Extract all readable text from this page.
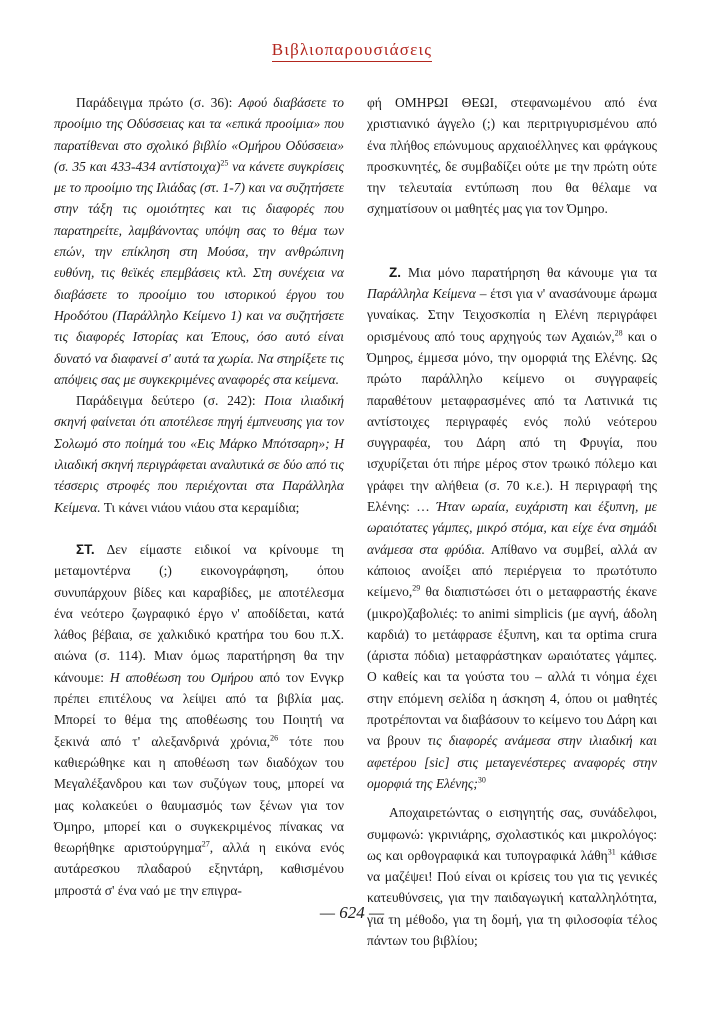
Βιβλιοπαρουσιάσεις

Παράδειγμα πρώτο (σ. 36): Αφού διαβάσετε το προοίμιο της Οδύσσειας και τα «επικά προοίμια» που παρατίθεναι στο σχολικό βιβλίο «Ομήρου Οδύσσεια» (σ. 35 και 433-434 αντίστοιχα)$^{25}$ να κάνετε συγκρίσεις με το προοίμιο της Ιλιάδας (στ. 1-7) και να συζητήσετε στην τάξη τις ομοιότητες και τις διαφορές που παρατηρείτε, λαμβάνοντας υπόψη σας το θέμα των επών, την επίκληση στη Μούσα, την ανθρώπινη ευθύνη, τις θεϊκές επεμβάσεις κτλ. Στη συνέχεια να διαβάσετε το προοίμιο του ιστορικού έργου του Ηροδότου (Παράλληλο Κείμενο 1) και να συζητήσετε τις διαφορές Ιστορίας και Έπους, όσο αυτό είναι δυνατό να διαφανεί σ' αυτά τα χωρία. Να στηρίξετε τις απόψεις σας με συγκεκριμένες αναφορές στα κείμενα.

Παράδειγμα δεύτερο (σ. 242): Ποια ιλιαδική σκηνή φαίνεται ότι αποτέλεσε πηγή έμπνευσης για τον Σολωμό στο ποίημά του «Εις Μάρκο Μπότσαρη»; Η ιλιαδική σκηνή περιγράφεται αναλυτικά σε δύο από τις τέσσερις στροφές που περιέχονται στα Παράλληλα Κείμενα. Τι κάνει νιάου νιάου στα κεραμίδια;

ΣΤ. Δεν είμαστε ειδικοί να κρίνουμε τη μεταμοντέρνα (;) εικονογράφηση, όπου συνυπάρχουν βίδες και καραβίδες, με αποτέλεσμα ένα νεότερο ζωγραφικό έργο ν' αποδίδεται, κατά λάθος βέβαια, σε χαλκιδικό κρατήρα του 6ου π.Χ. αιώνα (σ. 114). Μιαν όμως παρατήρηση θα την κάνουμε: Η αποθέωση του Ομήρου από τον Ενγκρ πρέπει επιτέλους να λείψει από τα βιβλία μας. Μπορεί το θέμα της αποθέωσης του Ποιητή να ξεκινά από τ' αλεξανδρινά χρόνια,$^{26}$ τότε που καθιερώθηκε και η αποθέωση των διαδόχων του Μεγαλέξανδρου και των συζύγων τους, μπορεί να μας κολακεύει ο θαυμασμός των ξένων για τον Όμηρο, μπορεί και ο συγκεκριμένος πίνακας να θεωρήθηκε αριστούργημα$^{27}$, αλλά η εικόνα ενός αυτάρεσκου πλαδαρού εξηντάρη, καθισμένου μπροστά σ' ένα ναό με την επιγρα-

φή ΟΜΗΡΩΙ ΘΕΩΙ, στεφανωμένου από ένα χριστιανικό άγγελο (;) και περιτριγυρισμένου από ένα πλήθος επώνυμους αρχαιοέλληνες και φράγκους προσκυνητές, δε συμβαδίζει ούτε με την πρώτη ούτε την τελευταία εντύπωση που θα θέλαμε να σχηματίσουν οι μαθητές μας για τον Όμηρο.

Ζ. Μια μόνο παρατήρηση θα κάνουμε για τα Παράλληλα Κείμενα – έτσι για ν' ανασάνουμε άρωμα γυναίκας. Στην Τειχοσκοπία η Ελένη περιγράφει ορισμένους από τους αρχηγούς των Αχαιών,$^{28}$ και ο Όμηρος, έμμεσα μόνο, την ομορφιά της Ελένης. Ως πρώτο παράλληλο κείμενο οι συγγραφείς παραθέτουν μεταφρασμένες από τα Λατινικά τις αντίστοιχες περιγραφές ενός πολύ νεότερου συγγραφέα, του Δάρη από τη Φρυγία, που ισχυρίζεται ότι πήρε μέρος στον τρωικό πόλεμο και γράφει την αλήθεια (σ. 70 κ.ε.). Η περιγραφή της Ελένης: … Ήταν ωραία, ευχάριστη και έξυπνη, με ωραιότατες γάμπες, μικρό στόμα, και είχε ένα σημάδι ανάμεσα στα φρύδια. Απίθανο να συμβεί, αλλά αν κάποιος ανοίξει από περιέργεια το πρωτότυπο κείμενο,$^{29}$ θα διαπιστώσει ότι ο μεταφραστής έκανε (μικρο)ζαβολιές: το animi simplicis (με αγνή, άδολη καρδιά) το μετάφρασε έξυπνη, και τα optima crura (άριστα πόδια) μεταφράστηκαν ωραιότατες γάμπες. Ο καθείς και τα γούστα του – αλλά τι νόημα έχει στην επόμενη σελίδα η άσκηση 4, όπου οι μαθητές προτρέπονται να διαβάσουν το κείμενο του Δάρη και να βρουν τις διαφορές ανάμεσα στην ιλιαδική και αφετέρου [sic] στις μεταγενέστερες αναφορές στην ομορφιά της Ελένης;$^{30}$

Αποχαιρετώντας ο εισηγητής σας, συνάδελφοι, συμφωνώ: γκρινιάρης, σχολαστικός και μικρολόγος: ως και ορθογραφικά και τυπογραφικά λάθη$^{31}$ κάθισε να μαζέψει! Πού είναι οι κρίσεις του για τις γενικές κατευθύνσεις, για την παιδαγωγική καταλληλότητα, για τη μέθοδο, για τη δομή, για τη φιλοσοφία τέλος πάντων του βιβλίου;

— 624 —
